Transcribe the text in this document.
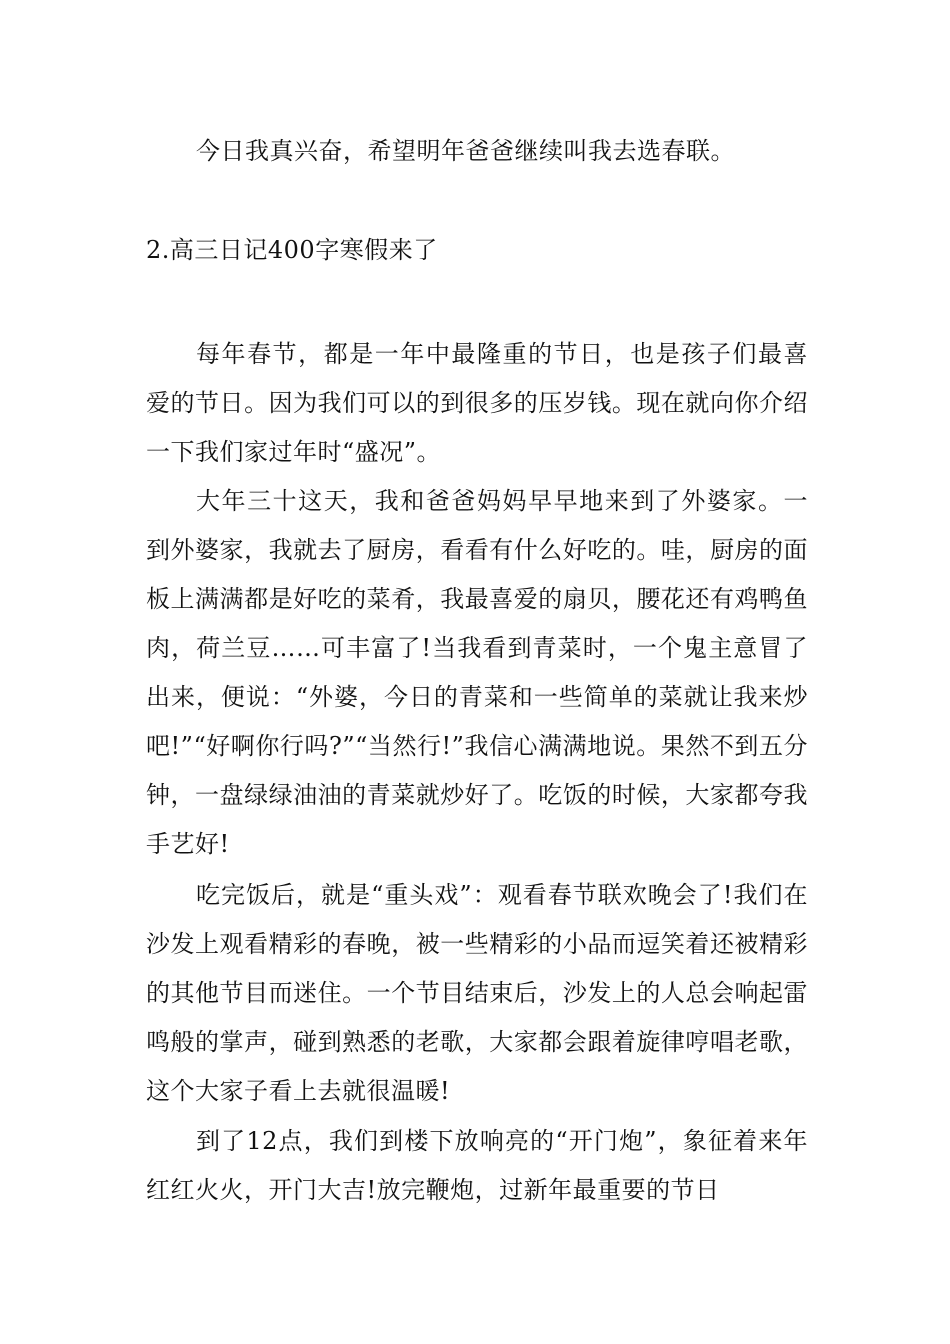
今日我真兴奋，希望明年爸爸继续叫我去选春联。

2.高三日记400字寒假来了

每年春节，都是一年中最隆重的节日，也是孩子们最喜爱的节日。因为我们可以的到很多的压岁钱。现在就向你介绍一下我们家过年时“盛况”。

大年三十这天，我和爸爸妈妈早早地来到了外婆家。一到外婆家，我就去了厨房，看看有什么好吃的。哇，厨房的面板上满满都是好吃的菜肴，我最喜爱的扇贝，腰花还有鸡鸭鱼肉，荷兰豆……可丰富了!当我看到青菜时，一个鬼主意冒了出来，便说：“外婆，今日的青菜和一些简单的菜就让我来炒吧!”“好啊你行吗?”“当然行!”我信心满满地说。果然不到五分钟，一盘绿绿油油的青菜就炒好了。吃饭的时候，大家都夸我手艺好!

吃完饭后，就是“重头戏”：观看春节联欢晚会了!我们在沙发上观看精彩的春晚，被一些精彩的小品而逗笑着还被精彩的其他节目而迷住。一个节目结束后，沙发上的人总会响起雷鸣般的掌声，碰到熟悉的老歌，大家都会跟着旋律哼唱老歌，这个大家子看上去就很温暖!

到了12点，我们到楼下放响亮的“开门炮”，象征着来年红红火火，开门大吉!放完鞭炮，过新年最重要的节日
